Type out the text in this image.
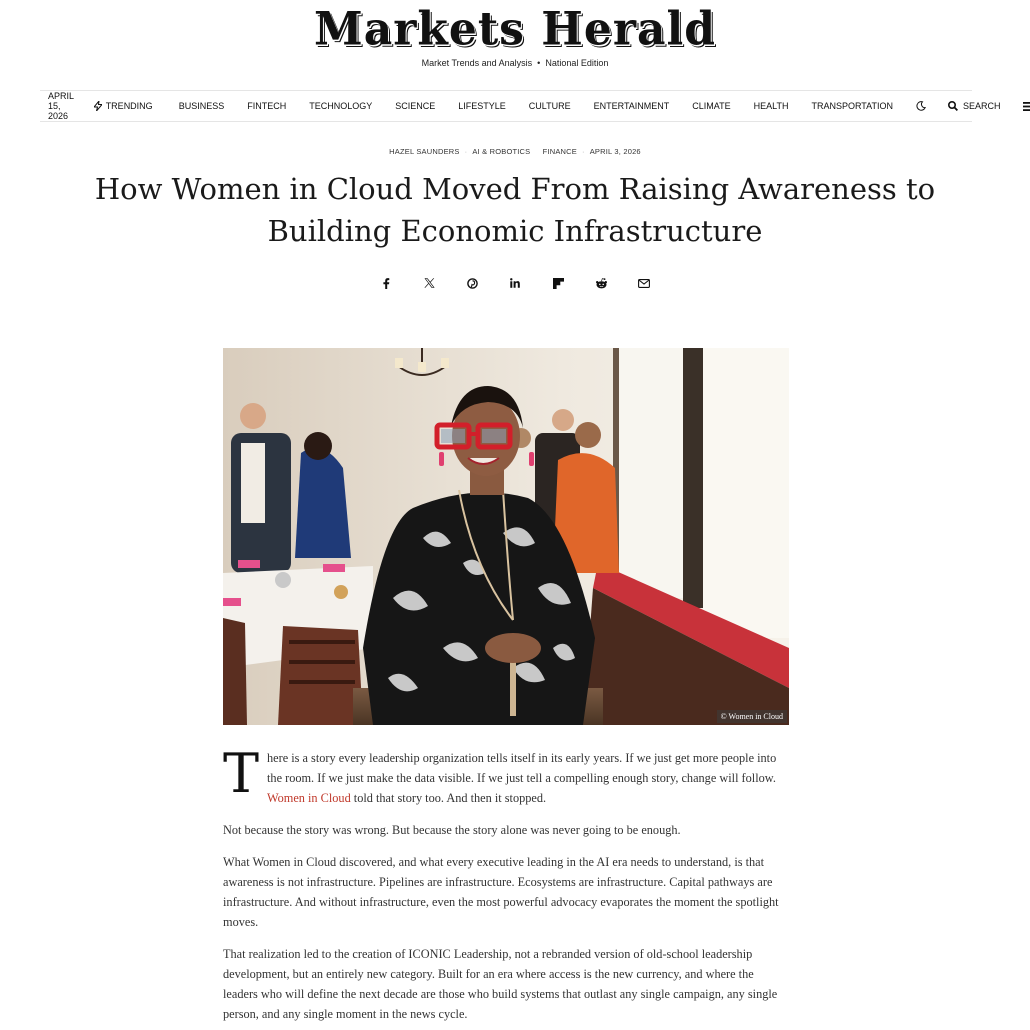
Markets Herald
Market Trends and Analysis • National Edition
APRIL 15, 2026
TRENDING	BUSINESS	FINTECH	TECHNOLOGY	SCIENCE	LIFESTYLE	CULTURE	ENTERTAINMENT	CLIMATE	HEALTH	TRANSPORTATION	SEARCH
HAZEL SAUNDERS · AI & ROBOTICS FINANCE · APRIL 3, 2026
How Women in Cloud Moved From Raising Awareness to Building Economic Infrastructure
© Women in Cloud

T here is a story every leadership organization tells itself in its early years. If we just get more people into the room. If we just make the data visible. If we just tell a compelling enough story, change will follow. Women in Cloud told that story too. And then it stopped.

Not because the story was wrong. But because the story alone was never going to be enough.

What Women in Cloud discovered, and what every executive leading in the AI era needs to understand, is that awareness is not infrastructure. Pipelines are infrastructure. Ecosystems are infrastructure. Capital pathways are infrastructure. And without infrastructure, even the most powerful advocacy evaporates the moment the spotlight moves.

That realization led to the creation of ICONIC Leadership, not a rebranded version of old-school leadership development, but an entirely new category. Built for an era where access is the new currency, and where the leaders who will define the next decade are those who build systems that outlast any single campaign, any single person, and any single moment in the news cycle.
